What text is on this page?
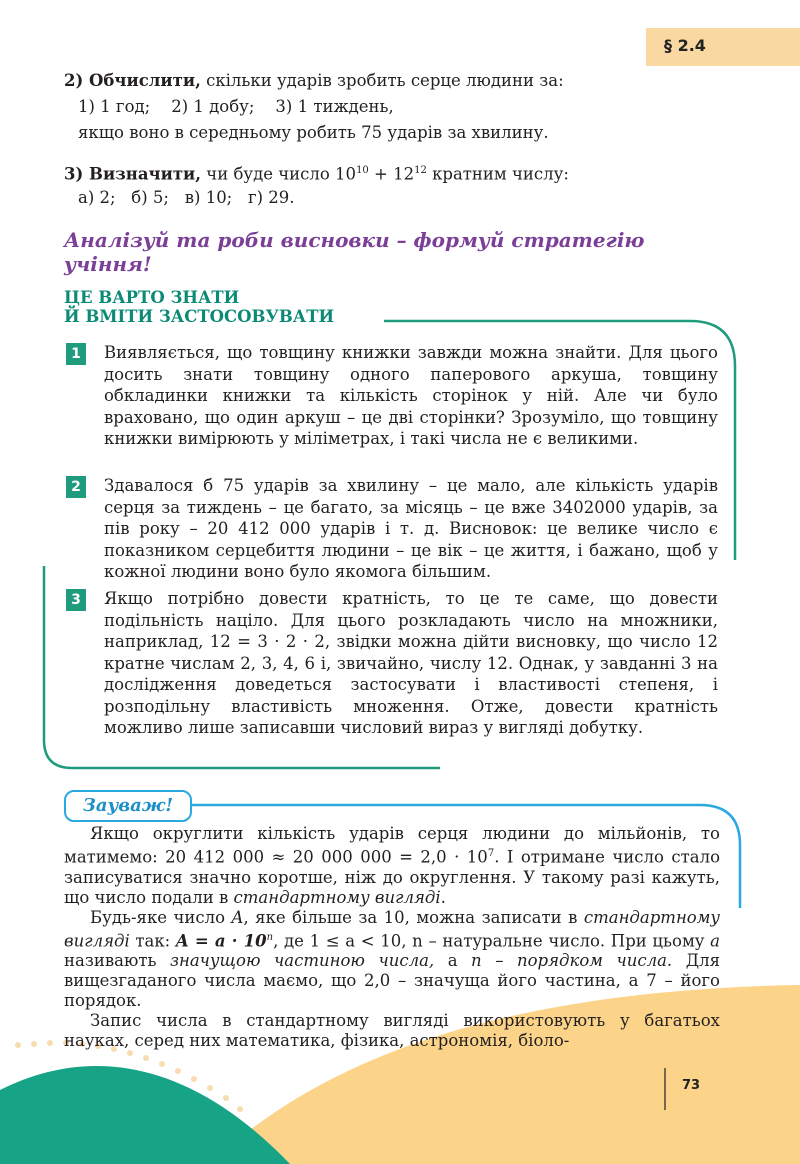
§ 2.4
2) Обчислити, скільки ударів зробить серце людини за:
1) 1 год;    2) 1 добу;    3) 1 тиждень,
якщо воно в середньому робить 75 ударів за хвилину.
3) Визначити, чи буде число $10^{10} + 12^{12}$ кратним числу:
а) 2;   б) 5;   в) 10;   г) 29.
Аналізуй та роби висновки – формуй стратегію учіння!
ЦЕ ВАРТО ЗНАТИ
Й ВМІТИ ЗАСТОСОВУВАТИ
1	Виявляється, що товщину книжки завжди можна знайти. Для цього досить знати товщину одного паперового аркуша, товщину обкладинки книжки та кількість сторінок у ній. Але чи було враховано, що один аркуш – це дві сторінки? Зрозуміло, що товщину книжки вимірюють у міліметрах, і такі числа не є великими.
2	Здавалося б 75 ударів за хвилину – це мало, але кількість ударів серця за тиждень – це багато, за місяць – це вже 3402000 ударів, за пів року – 20 412 000 ударів і т. д. Висновок: це велике число є показником серцебиття людини – це вік – це життя, і бажано, щоб у кожної людини воно було якомога більшим.
3	Якщо потрібно довести кратність, то це те саме, що довести подільність націло. Для цього розкладають число на множники, наприклад, 12 = 3 · 2 · 2, звідки можна дійти висновку, що число 12 кратне числам 2, 3, 4, 6 і, звичайно, числу 12. Однак, у завданні 3 на дослідження доведеться застосувати і властивості степеня, і розподільну властивість множення. Отже, довести кратність можливо лише записавши числовий вираз у вигляді добутку.
Зауваж!

Якщо округлити кількість ударів серця людини до мільйонів, то матимемо: 20 412 000 ≈ 20 000 $000 = 2,0 \cdot 10^7$. І отримане число стало записуватися значно коротше, ніж до округлення. У такому разі кажуть, що число подали в стандартному вигляді.

Будь-яке число A, яке більше за 10, можна записати в стандартному вигляді так: $A = a \cdot 10^n$, де 1 ≤ a < 10, n – натуральне число. При цьому a називають значущою частиною числа, а n – порядком числа. Для вищезгаданого числа маємо, що 2,0 – значуща його частина, а 7 – його порядок.

Запис числа в стандартному вигляді використовують у багатьох науках, серед них математика, фізика, астрономія, біоло-

73
